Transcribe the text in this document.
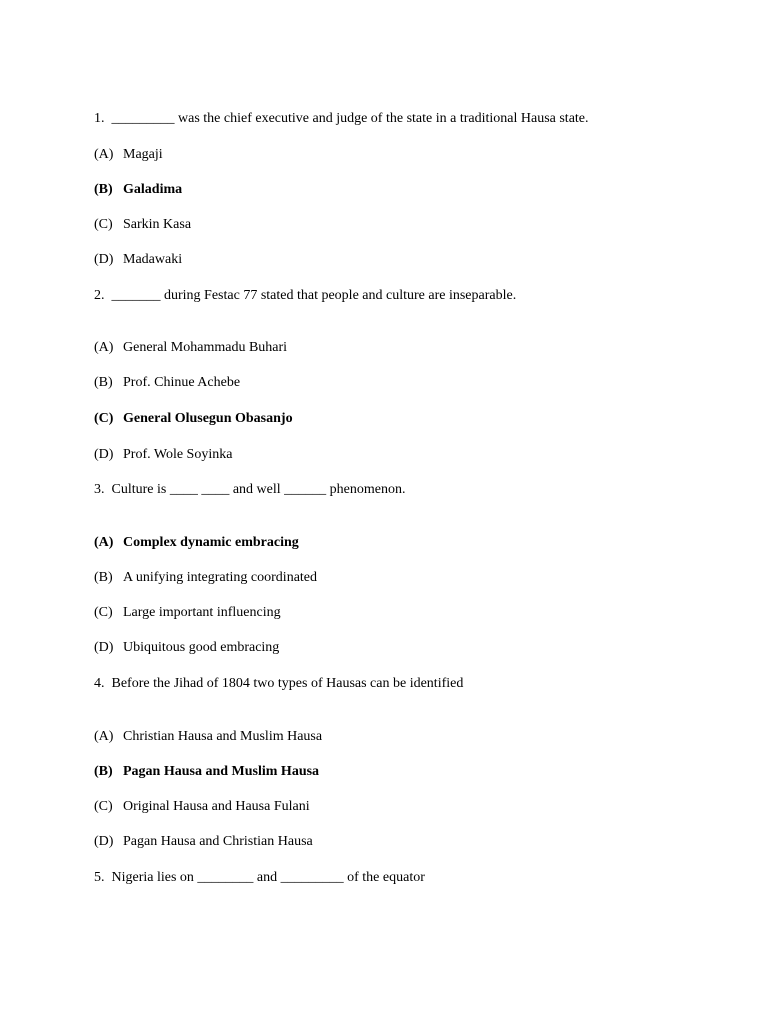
1. _________ was the chief executive and judge of the state in a traditional Hausa state.
(A) Magaji
(B) Galadima
(C) Sarkin Kasa
(D) Madawaki
2. _______ during Festac 77 stated that people and culture are inseparable.
(A) General Mohammadu Buhari
(B) Prof. Chinue Achebe
(C) General Olusegun Obasanjo
(D) Prof. Wole Soyinka
3. Culture is ____ ____ and well ______ phenomenon.
(A) Complex dynamic embracing
(B) A unifying integrating coordinated
(C) Large important influencing
(D) Ubiquitous good embracing
4. Before the Jihad of 1804 two types of Hausas can be identified
(A) Christian Hausa and Muslim Hausa
(B) Pagan Hausa and Muslim Hausa
(C) Original Hausa and Hausa Fulani
(D) Pagan Hausa and Christian Hausa
5. Nigeria lies on ________ and _________ of the equator
